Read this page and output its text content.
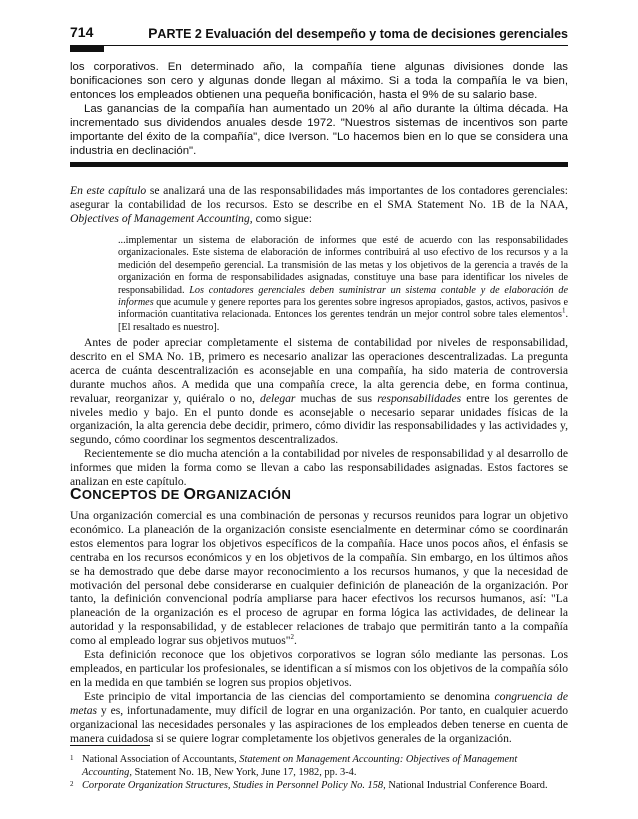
714	PARTE 2 Evaluación del desempeño y toma de decisiones gerenciales

los corporativos. En determinado año, la compañía tiene algunas divisiones donde las bonificaciones son cero y algunas donde llegan al máximo. Si a toda la compañía le va bien, entonces los empleados obtienen una pequeña bonificación, hasta el 9% de su salario base.

Las ganancias de la compañía han aumentado un 20% al año durante la última década. Ha incrementado sus dividendos anuales desde 1972. "Nuestros sistemas de incentivos son parte importante del éxito de la compañía", dice Iverson. "Lo hacemos bien en lo que se considera una industria en declinación".

En este capítulo se analizará una de las responsabilidades más importantes de los contadores gerenciales: asegurar la contabilidad de los recursos. Esto se describe en el SMA Statement No. 1B de la NAA, Objectives of Management Accounting, como sigue:

...implementar un sistema de elaboración de informes que esté de acuerdo con las responsabilidades organizacionales. Este sistema de elaboración de informes contribuirá al uso efectivo de los recursos y a la medición del desempeño gerencial. La transmisión de las metas y los objetivos de la gerencia a través de la organización en forma de responsabilidades asignadas, constituye una base para identificar los niveles de responsabilidad. Los contadores gerenciales deben suministrar un sistema contable y de elaboración de informes que acumule y genere reportes para los gerentes sobre ingresos apropiados, gastos, activos, pasivos e información cuantitativa relacionada. Entonces los gerentes tendrán un mejor control sobre tales elementos$^1$. [El resaltado es nuestro].

Antes de poder apreciar completamente el sistema de contabilidad por niveles de responsabilidad, descrito en el SMA No. 1B, primero es necesario analizar las operaciones descentralizadas. La pregunta acerca de cuánta descentralización es aconsejable en una compañía, ha sido materia de controversia durante muchos años. A medida que una compañía crece, la alta gerencia debe, en forma continua, revaluar, reorganizar y, quiéralo o no, delegar muchas de sus responsabilidades entre los gerentes de niveles medio y bajo. En el punto donde es aconsejable o necesario separar unidades físicas de la organización, la alta gerencia debe decidir, primero, cómo dividir las responsabilidades y las actividades y, segundo, cómo coordinar los segmentos descentralizados.

Recientemente se dio mucha atención a la contabilidad por niveles de responsabilidad y al desarrollo de informes que miden la forma como se llevan a cabo las responsabilidades asignadas. Estos factores se analizan en este capítulo.

CONCEPTOS DE ORGANIZACIÓN

Una organización comercial es una combinación de personas y recursos reunidos para lograr un objetivo económico. La planeación de la organización consiste esencialmente en determinar cómo se coordinarán estos elementos para lograr los objetivos específicos de la compañía. Hace unos pocos años, el énfasis se centraba en los recursos económicos y en los objetivos de la compañía. Sin embargo, en los últimos años se ha demostrado que debe darse mayor reconocimiento a los recursos humanos, y que la necesidad de motivación del personal debe considerarse en cualquier definición de planeación de la organización. Por tanto, la definición convencional podría ampliarse para hacer efectivos los recursos humanos, así: "La planeación de la organización es el proceso de agrupar en forma lógica las actividades, de delinear la autoridad y la responsabilidad, y de establecer relaciones de trabajo que permitirán tanto a la compañía como al empleado lograr sus objetivos mutuos"$^2$.

Esta definición reconoce que los objetivos corporativos se logran sólo mediante las personas. Los empleados, en particular los profesionales, se identifican a sí mismos con los objetivos de la compañía sólo en la medida en que también se logren sus propios objetivos.

Este principio de vital importancia de las ciencias del comportamiento se denomina congruencia de metas y es, infortunadamente, muy difícil de lograr en una organización. Por tanto, en cualquier acuerdo organizacional las necesidades personales y las aspiraciones de los empleados deben tenerse en cuenta de manera cuidadosa si se quiere lograr completamente los objetivos generales de la organización.

1 National Association of Accountants, Statement on Management Accounting: Objectives of Management Accounting, Statement No. 1B, New York, June 17, 1982, pp. 3-4.

2 Corporate Organization Structures, Studies in Personnel Policy No. 158, National Industrial Conference Board.
